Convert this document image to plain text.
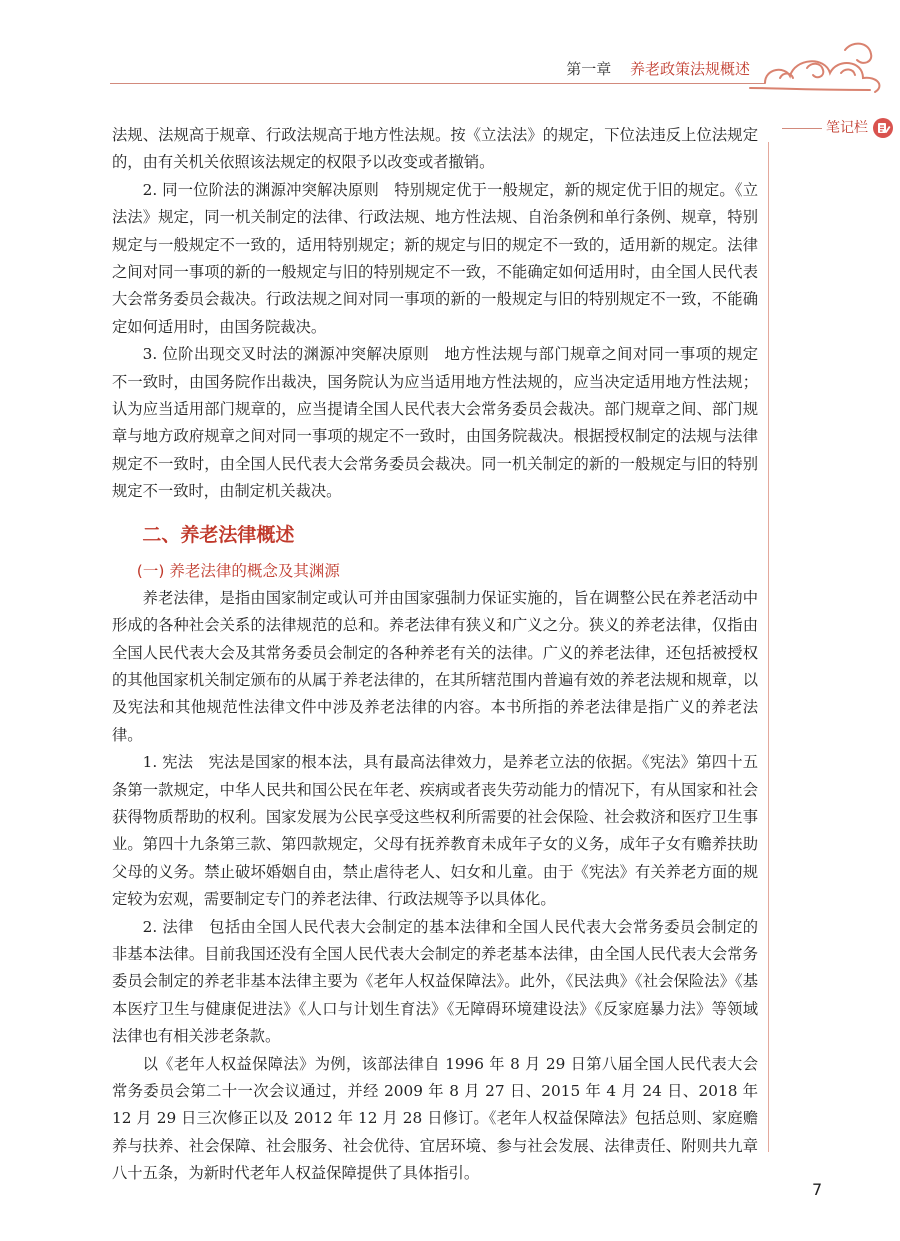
第一章 养老政策法规概述
笔记栏

法规、法规高于规章、行政法规高于地方性法规。按《立法法》的规定，下位法违反上位法规定的，由有关机关依照该法规定的权限予以改变或者撤销。

2. 同一位阶法的渊源冲突解决原则 特别规定优于一般规定，新的规定优于旧的规定。《立法法》规定，同一机关制定的法律、行政法规、地方性法规、自治条例和单行条例、规章，特别规定与一般规定不一致的，适用特别规定；新的规定与旧的规定不一致的，适用新的规定。法律之间对同一事项的新的一般规定与旧的特别规定不一致，不能确定如何适用时，由全国人民代表大会常务委员会裁决。行政法规之间对同一事项的新的一般规定与旧的特别规定不一致，不能确定如何适用时，由国务院裁决。

3. 位阶出现交叉时法的渊源冲突解决原则 地方性法规与部门规章之间对同一事项的规定不一致时，由国务院作出裁决，国务院认为应当适用地方性法规的，应当决定适用地方性法规；认为应当适用部门规章的，应当提请全国人民代表大会常务委员会裁决。部门规章之间、部门规章与地方政府规章之间对同一事项的规定不一致时，由国务院裁决。根据授权制定的法规与法律规定不一致时，由全国人民代表大会常务委员会裁决。同一机关制定的新的一般规定与旧的特别规定不一致时，由制定机关裁决。

二、养老法律概述
(一) 养老法律的概念及其渊源

养老法律，是指由国家制定或认可并由国家强制力保证实施的，旨在调整公民在养老活动中形成的各种社会关系的法律规范的总和。养老法律有狭义和广义之分。狭义的养老法律，仅指由全国人民代表大会及其常务委员会制定的各种养老有关的法律。广义的养老法律，还包括被授权的其他国家机关制定颁布的从属于养老法律的，在其所辖范围内普遍有效的养老法规和规章，以及宪法和其他规范性法律文件中涉及养老法律的内容。本书所指的养老法律是指广义的养老法律。

1. 宪法 宪法是国家的根本法，具有最高法律效力，是养老立法的依据。《宪法》第四十五条第一款规定，中华人民共和国公民在年老、疾病或者丧失劳动能力的情况下，有从国家和社会获得物质帮助的权利。国家发展为公民享受这些权利所需要的社会保险、社会救济和医疗卫生事业。第四十九条第三款、第四款规定，父母有抚养教育未成年子女的义务，成年子女有赡养扶助父母的义务。禁止破坏婚姻自由，禁止虐待老人、妇女和儿童。由于《宪法》有关养老方面的规定较为宏观，需要制定专门的养老法律、行政法规等予以具体化。

2. 法律 包括由全国人民代表大会制定的基本法律和全国人民代表大会常务委员会制定的非基本法律。目前我国还没有全国人民代表大会制定的养老基本法律，由全国人民代表大会常务委员会制定的养老非基本法律主要为《老年人权益保障法》。此外，《民法典》《社会保险法》《基本医疗卫生与健康促进法》《人口与计划生育法》《无障碍环境建设法》《反家庭暴力法》等领域法律也有相关涉老条款。

以《老年人权益保障法》为例，该部法律自 1996 年 8 月 29 日第八届全国人民代表大会常务委员会第二十一次会议通过，并经 2009 年 8 月 27 日、2015 年 4 月 24 日、2018 年 12 月 29 日三次修正以及 2012 年 12 月 28 日修订。《老年人权益保障法》包括总则、家庭赡养与扶养、社会保障、社会服务、社会优待、宜居环境、参与社会发展、法律责任、附则共九章八十五条，为新时代老年人权益保障提供了具体指引。

7
